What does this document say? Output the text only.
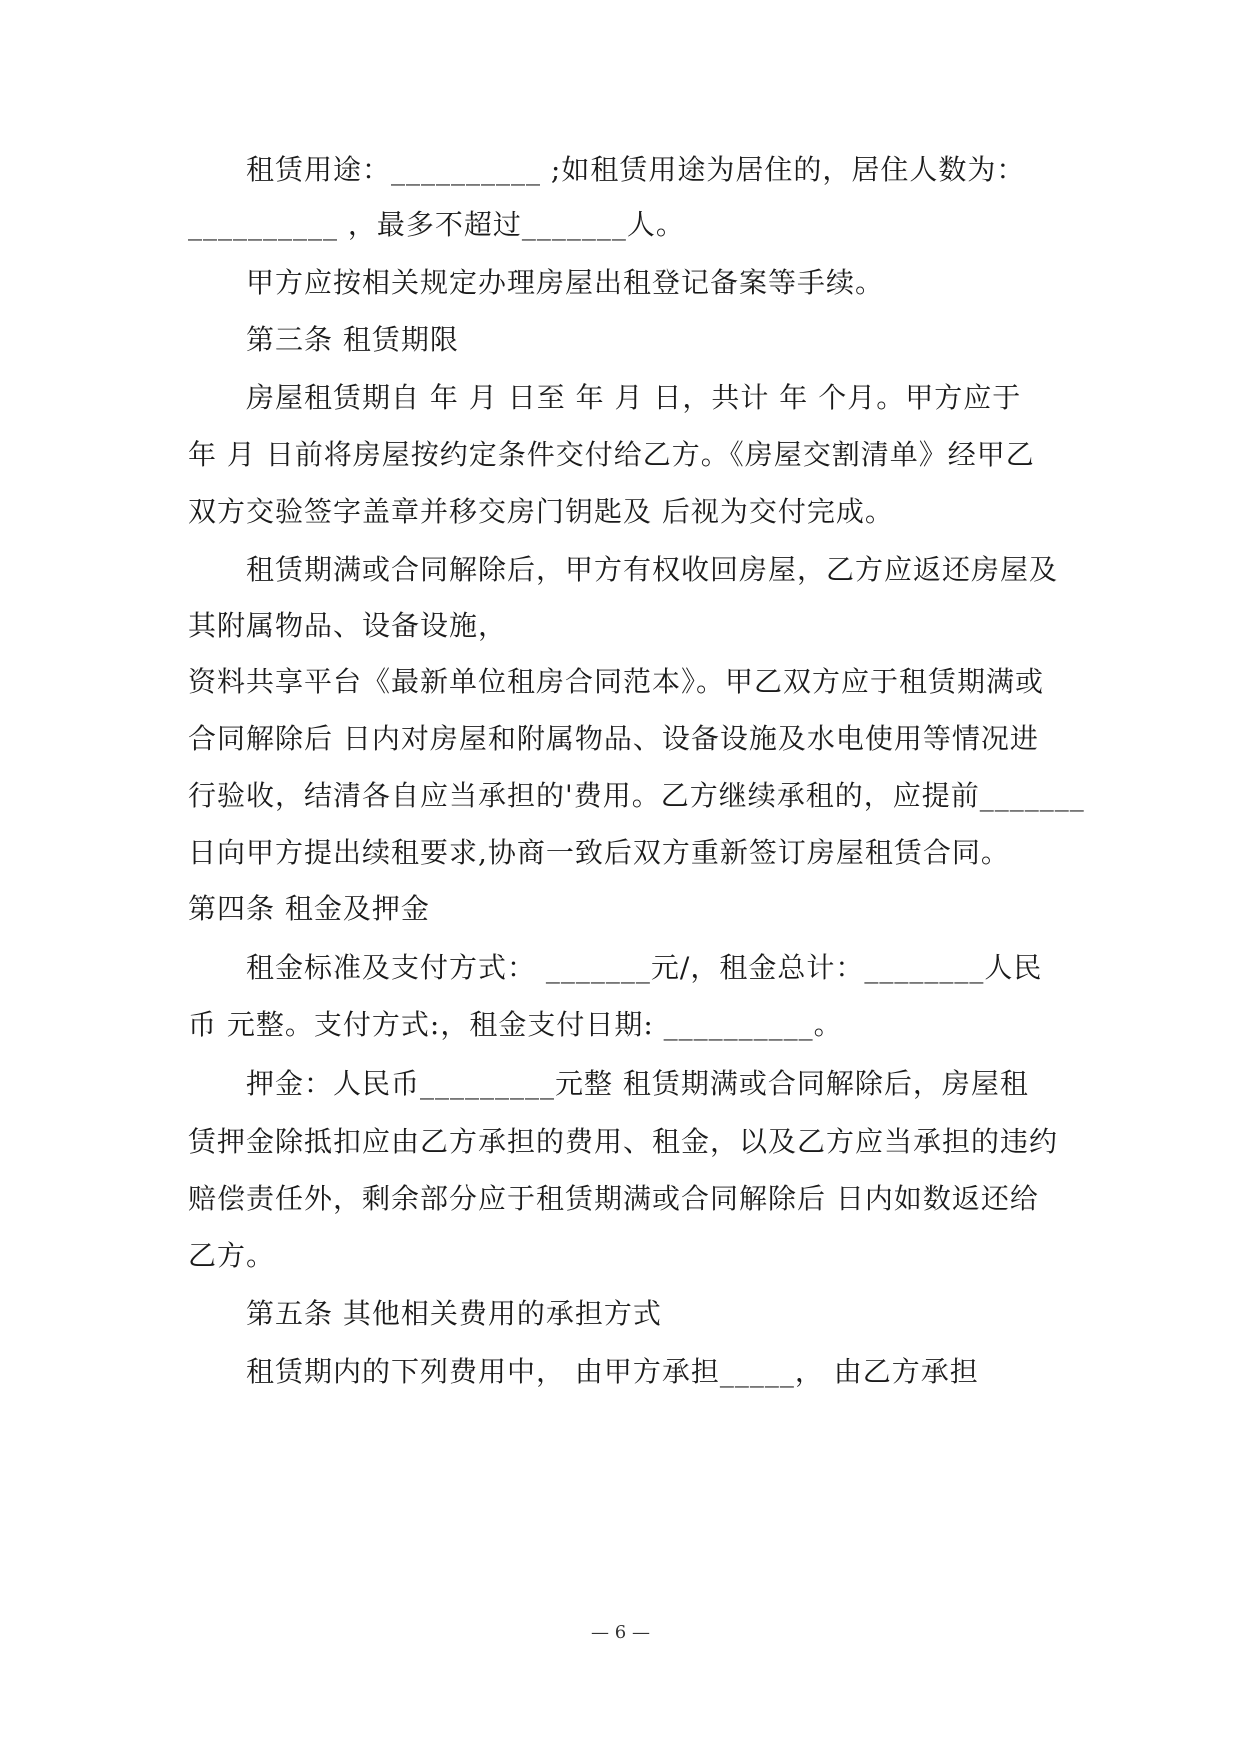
租赁用途：__________ ;如租赁用途为居住的，居住人数为：
__________ ，最多不超过_______人。
甲方应按相关规定办理房屋出租登记备案等手续。
第三条 租赁期限
房屋租赁期自 年 月 日至 年 月 日，共计 年 个月。甲方应于
年 月 日前将房屋按约定条件交付给乙方。《房屋交割清单》经甲乙
双方交验签字盖章并移交房门钥匙及 后视为交付完成。
租赁期满或合同解除后，甲方有权收回房屋，乙方应返还房屋及
其附属物品、设备设施，
资料共享平台《最新单位租房合同范本》。甲乙双方应于租赁期满或
合同解除后 日内对房屋和附属物品、设备设施及水电使用等情况进
行验收，结清各自应当承担的'费用。乙方继续承租的，应提前_______
日向甲方提出续租要求,协商一致后双方重新签订房屋租赁合同。
第四条 租金及押金
租金标准及支付方式： _______元/，租金总计：________人民
币 元整。支付方式:，租金支付日期: __________。
押金：人民币_________元整 租赁期满或合同解除后，房屋租
赁押金除抵扣应由乙方承担的费用、租金，以及乙方应当承担的违约
赔偿责任外，剩余部分应于租赁期满或合同解除后 日内如数返还给
乙方。
第五条 其他相关费用的承担方式
租赁期内的下列费用中， 由甲方承担_____， 由乙方承担
— 6 —
